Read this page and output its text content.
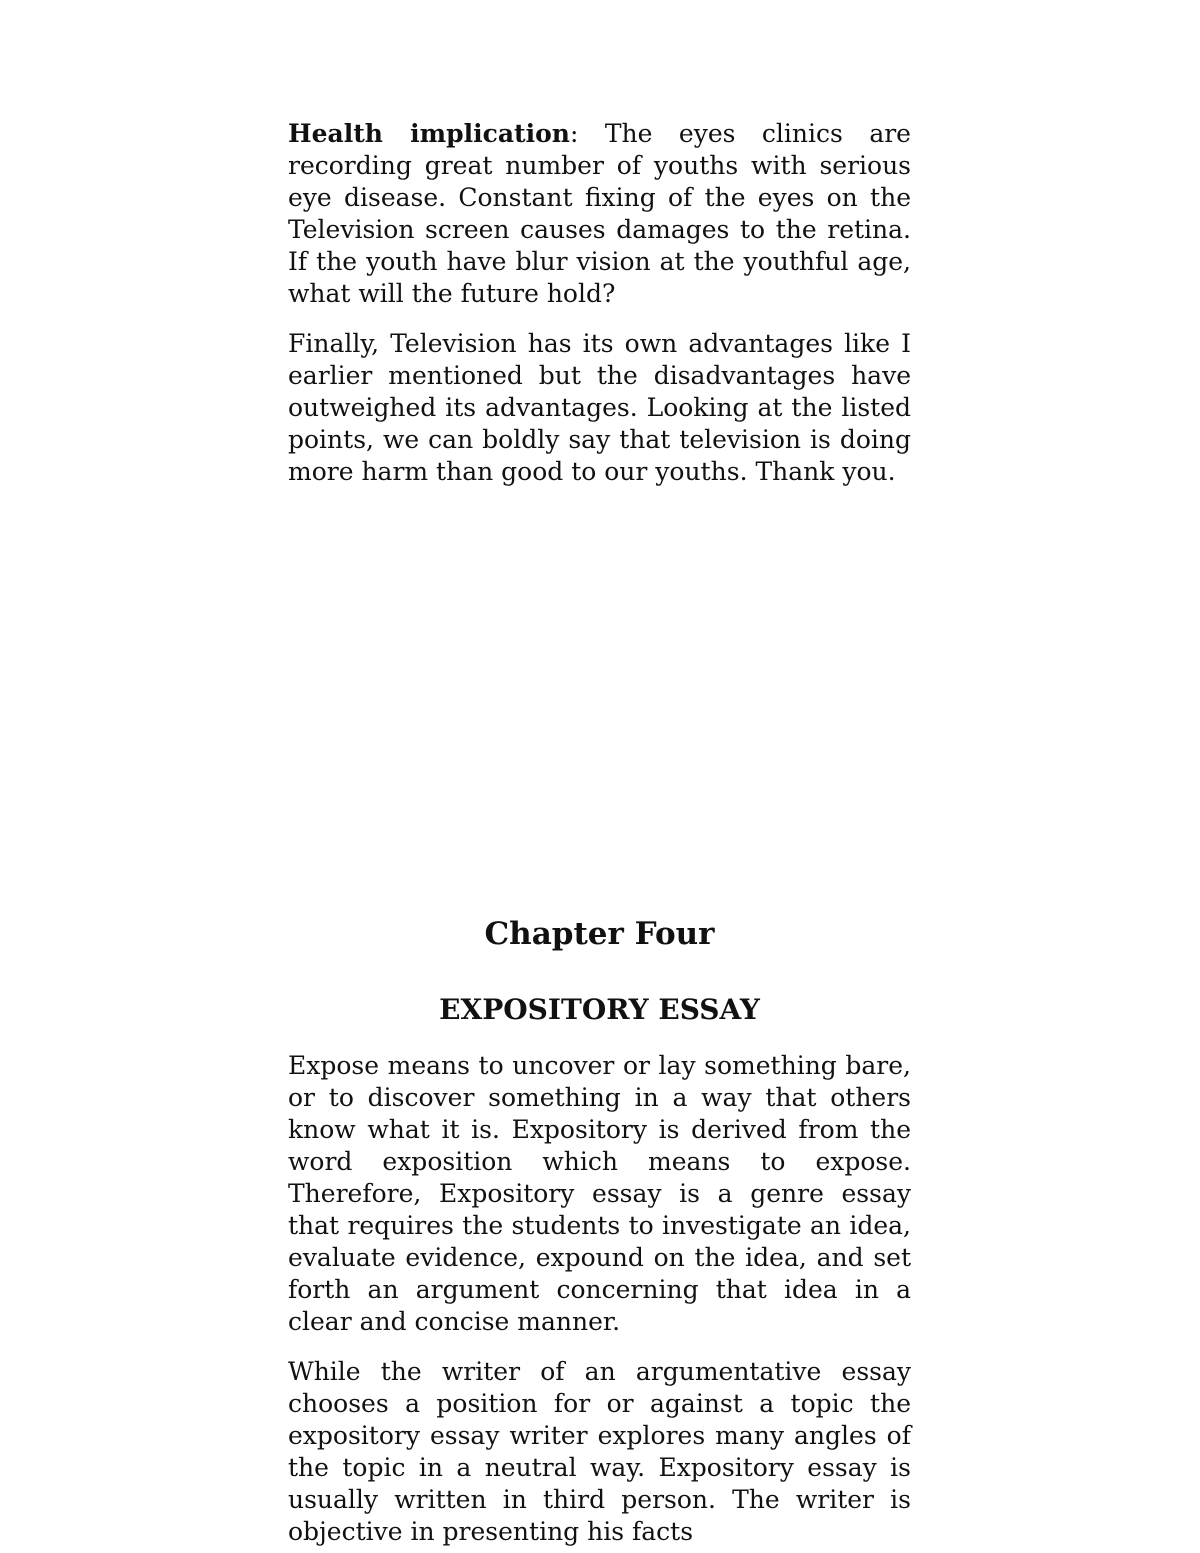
Health implication: The eyes clinics are recording great number of youths with serious eye disease. Constant fixing of the eyes on the Television screen causes damages to the retina. If the youth have blur vision at the youthful age, what will the future hold?

Finally, Television has its own advantages like I earlier mentioned but the disadvantages have outweighed its advantages. Looking at the listed points, we can boldly say that television is doing more harm than good to our youths. Thank you.

Chapter Four
EXPOSITORY ESSAY

Expose means to uncover or lay something bare, or to discover something in a way that others know what it is. Expository is derived from the word exposition which means to expose. Therefore, Expository essay is a genre essay that requires the students to investigate an idea, evaluate evidence, expound on the idea, and set forth an argument concerning that idea in a clear and concise manner.

While the writer of an argumentative essay chooses a position for or against a topic the expository essay writer explores many angles of the topic in a neutral way. Expository essay is usually written in third person. The writer is objective in presenting his facts
